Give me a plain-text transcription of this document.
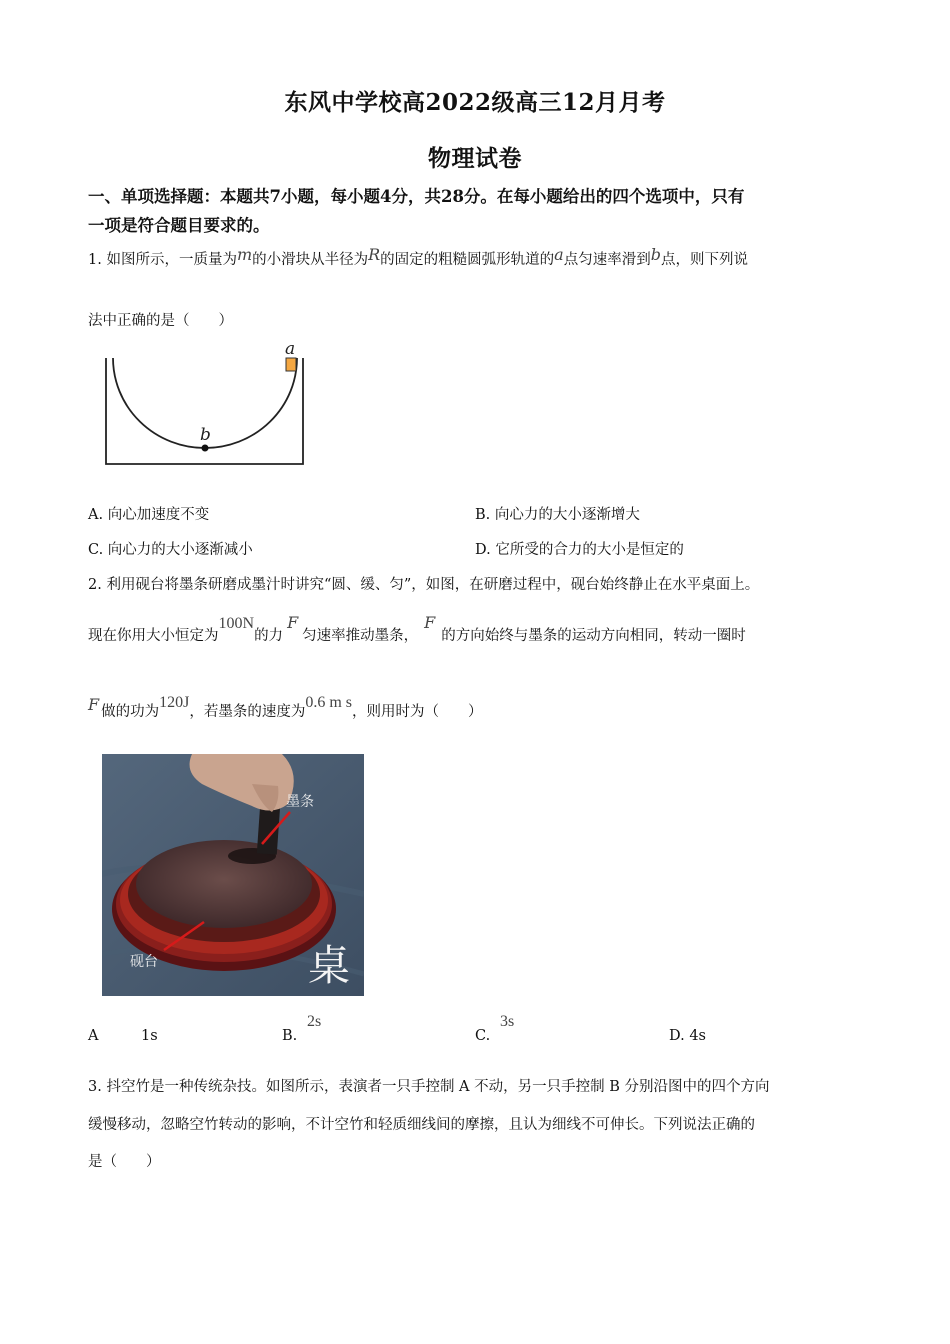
东风中学校高2022级高三12月月考
物理试卷
一、单项选择题：本题共7小题，每小题4分，共28分。在每小题给出的四个选项中，只有
一项是符合题目要求的。
1. 如图所示，一质量为m的小滑块从半径为R的固定的粗糙圆弧形轨道的a点匀速率滑到b点，则下列说
法中正确的是（　　）
a
b
A. 向心加速度不变	B. 向心力的大小逐渐增大
C. 向心力的大小逐渐减小	D. 它所受的合力的大小是恒定的
2. 利用砚台将墨条研磨成墨汁时讲究“圆、缓、匀”，如图，在研磨过程中，砚台始终静止在水平桌面上。
现在你用大小恒定为100N的力F匀速率推动墨条，F的方向始终与墨条的运动方向相同，转动一圈时
F 做的功为120J，若墨条的速度为0.6 m s，则用时为（　　）
墨条
砚台	桌
A	1s	B.
2s
C.
3s
D. 4s
3. 抖空竹是一种传统杂技。如图所示，表演者一只手控制 A 不动，另一只手控制 B 分别沿图中的四个方向
缓慢移动，忽略空竹转动的影响，不计空竹和轻质细线间的摩擦，且认为细线不可伸长。下列说法正确的
是（　　）
